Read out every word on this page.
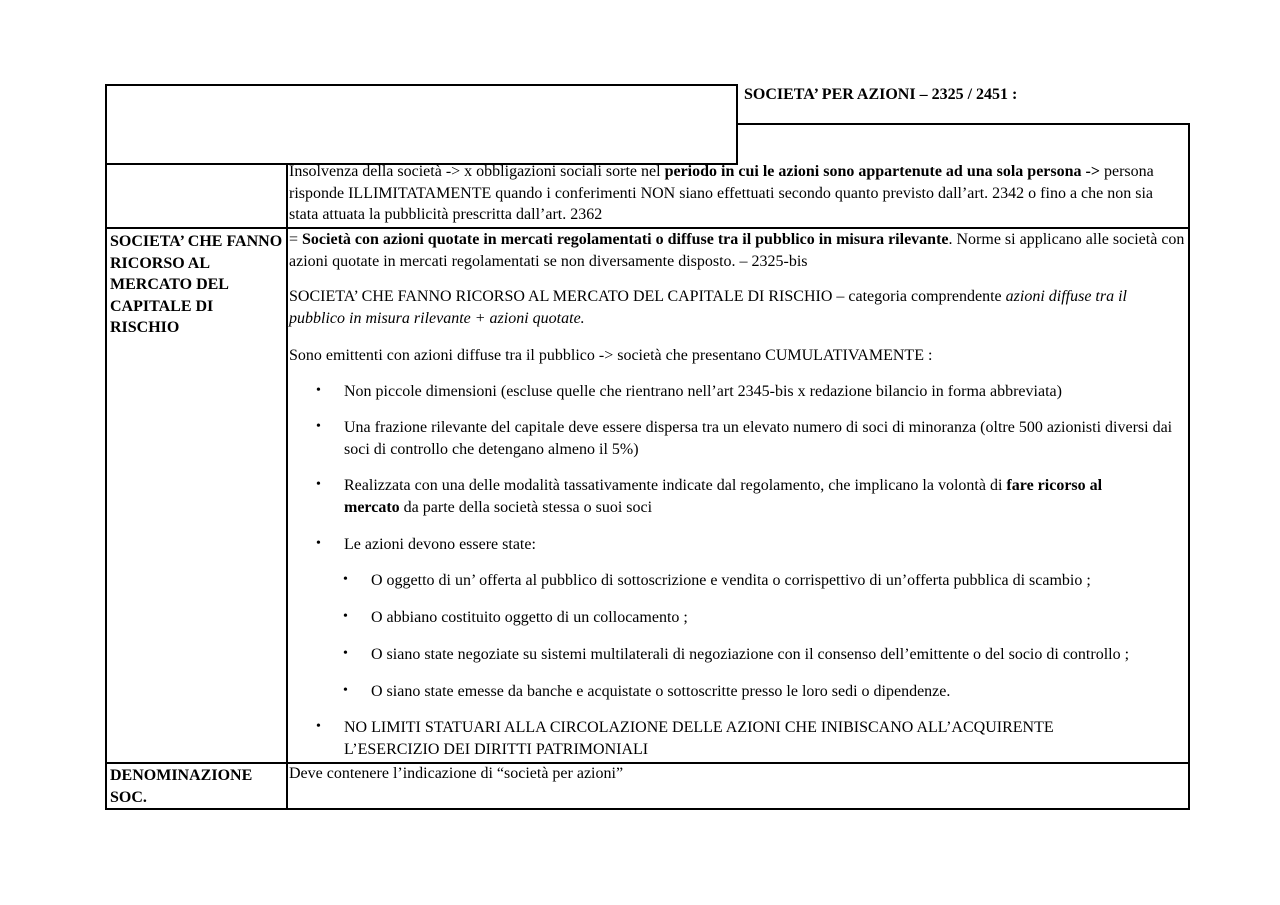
SOCIETA’ PER AZIONI – 2325 / 2451 :
Insolvenza della società -> x obbligazioni sociali sorte nel periodo in cui le azioni sono appartenute ad una sola persona -> persona risponde ILLIMITATAMENTE quando i conferimenti NON siano effettuati secondo quanto previsto dall’art. 2342 o fino a che non sia stata attuata la pubblicità prescritta dall’art. 2362
SOCIETA’ CHE FANNO RICORSO AL MERCATO DEL CAPITALE DI RISCHIO
= Società con azioni quotate in mercati regolamentati o diffuse tra il pubblico in misura rilevante. Norme si applicano alle società con azioni quotate in mercati regolamentati se non diversamente disposto. – 2325-bis
SOCIETA’ CHE FANNO RICORSO AL MERCATO DEL CAPITALE DI RISCHIO – categoria comprendente azioni diffuse tra il pubblico in misura rilevante + azioni quotate.
Sono emittenti con azioni diffuse tra il pubblico -> società che presentano CUMULATIVAMENTE :
• Non piccole dimensioni (escluse quelle che rientrano nell’art 2345-bis x redazione bilancio in forma abbreviata)
• Una frazione rilevante del capitale deve essere dispersa tra un elevato numero di soci di minoranza (oltre 500 azionisti diversi dai soci di controllo che detengano almeno il 5%)
• Realizzata con una delle modalità tassativamente indicate dal regolamento, che implicano la volontà di fare ricorso al mercato da parte della società stessa o suoi soci
• Le azioni devono essere state:
• O oggetto di un’ offerta al pubblico di sottoscrizione e vendita o corrispettivo di un’offerta pubblica di scambio ;
• O abbiano costituito oggetto di un collocamento ;
• O siano state negoziate su sistemi multilaterali di negoziazione con il consenso dell’emittente o del socio di controllo ;
• O siano state emesse da banche e acquistate o sottoscritte presso le loro sedi o dipendenze.
• NO LIMITI STATUARI ALLA CIRCOLAZIONE DELLE AZIONI CHE INIBISCANO ALL’ACQUIRENTE L’ESERCIZIO DEI DIRITTI PATRIMONIALI
DENOMINAZIONE SOC.
Deve contenere l’indicazione di “società per azioni”
